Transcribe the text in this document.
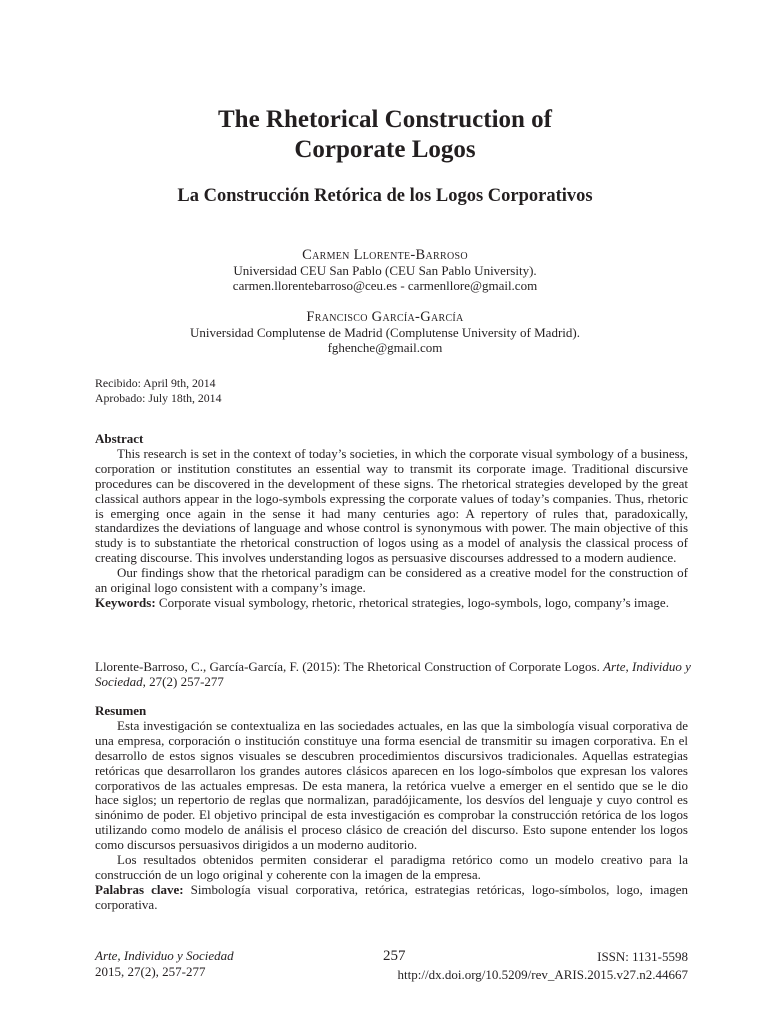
The Rhetorical Construction of
Corporate Logos
La Construcción Retórica de los Logos Corporativos
Carmen Llorente-Barroso
Universidad CEU San Pablo (CEU San Pablo University).
carmen.llorentebarroso@ceu.es - carmenllore@gmail.com
Francisco García-García
Universidad Complutense de Madrid (Complutense University of Madrid).
fghenche@gmail.com
Recibido: April 9th, 2014
Aprobado: July 18th, 2014
Abstract
This research is set in the context of today’s societies, in which the corporate visual symbology of a business, corporation or institution constitutes an essential way to transmit its corporate image. Traditional discursive procedures can be discovered in the development of these signs. The rhetorical strategies developed by the great classical authors appear in the logo-symbols expressing the corporate values of today’s companies. Thus, rhetoric is emerging once again in the sense it had many centuries ago: A repertory of rules that, paradoxically, standardizes the deviations of language and whose control is synonymous with power. The main objective of this study is to substantiate the rhetorical construction of logos using as a model of analysis the classical process of creating discourse. This involves understanding logos as persuasive discourses addressed to a modern audience.
Our findings show that the rhetorical paradigm can be considered as a creative model for the construction of an original logo consistent with a company’s image.
Keywords: Corporate visual symbology, rhetoric, rhetorical strategies, logo-symbols, logo, company’s image.
Llorente-Barroso, C., García-García, F. (2015): The Rhetorical Construction of Corporate Logos. Arte, Individuo y Sociedad, 27(2) 257-277
Resumen
Esta investigación se contextualiza en las sociedades actuales, en las que la simbología visual corporativa de una empresa, corporación o institución constituye una forma esencial de transmitir su imagen corporativa. En el desarrollo de estos signos visuales se descubren procedimientos discursivos tradicionales. Aquellas estrategias retóricas que desarrollaron los grandes autores clásicos aparecen en los logo-símbolos que expresan los valores corporativos de las actuales empresas. De esta manera, la retórica vuelve a emerger en el sentido que se le dio hace siglos; un repertorio de reglas que normalizan, paradójicamente, los desvíos del lenguaje y cuyo control es sinónimo de poder. El objetivo principal de esta investigación es comprobar la construcción retórica de los logos utilizando como modelo de análisis el proceso clásico de creación del discurso. Esto supone entender los logos como discursos persuasivos dirigidos a un moderno auditorio.
Los resultados obtenidos permiten considerar el paradigma retórico como un modelo creativo para la construcción de un logo original y coherente con la imagen de la empresa.
Palabras clave: Simbología visual corporativa, retórica, estrategias retóricas, logo-símbolos, logo, imagen corporativa.
Arte, Individuo y Sociedad
2015, 27(2), 257-277
257	ISSN: 1131-5598
http://dx.doi.org/10.5209/rev_ARIS.2015.v27.n2.44667
